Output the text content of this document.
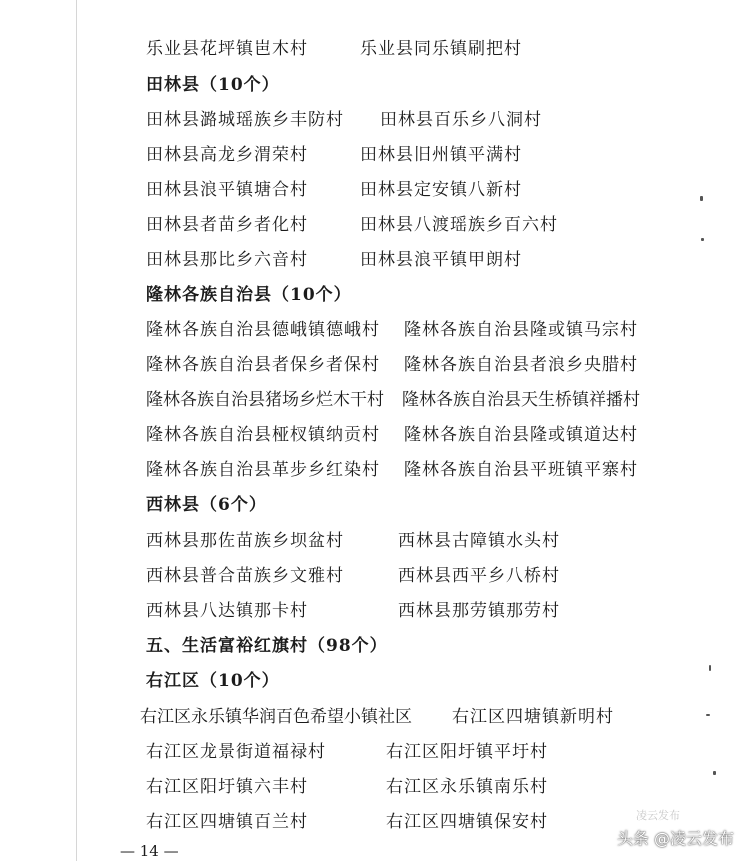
乐业县花坪镇岜木村	乐业县同乐镇刷把村
田林县（10个）
田林县潞城瑶族乡丰防村 田林县百乐乡八洞村
田林县高龙乡渭荣村	田林县旧州镇平满村
田林县浪平镇塘合村	田林县定安镇八新村
田林县者苗乡者化村	田林县八渡瑶族乡百六村
田林县那比乡六音村	田林县浪平镇甲朗村
隆林各族自治县（10个）
隆林各族自治县德峨镇德峨村 隆林各族自治县隆或镇马宗村
隆林各族自治县者保乡者保村 隆林各族自治县者浪乡央腊村
隆林各族自治县猪场乡烂木干村 隆林各族自治县天生桥镇祥播村
隆林各族自治县桠杈镇纳贡村 隆林各族自治县隆或镇道达村
隆林各族自治县革步乡红染村 隆林各族自治县平班镇平寨村
西林县（6个）
西林县那佐苗族乡坝盆村	西林县古障镇水头村
西林县普合苗族乡文雅村	西林县西平乡八桥村
西林县八达镇那卡村	西林县那劳镇那劳村
五、生活富裕红旗村（98个）
右江区（10个）
右江区永乐镇华润百色希望小镇社区 右江区四塘镇新明村
右江区龙景街道福禄村	右江区阳圩镇平圩村
右江区阳圩镇六丰村	右江区永乐镇南乐村
右江区四塘镇百兰村	右江区四塘镇保安村
— 14 —
凌云发布
头条 @凌云发布
